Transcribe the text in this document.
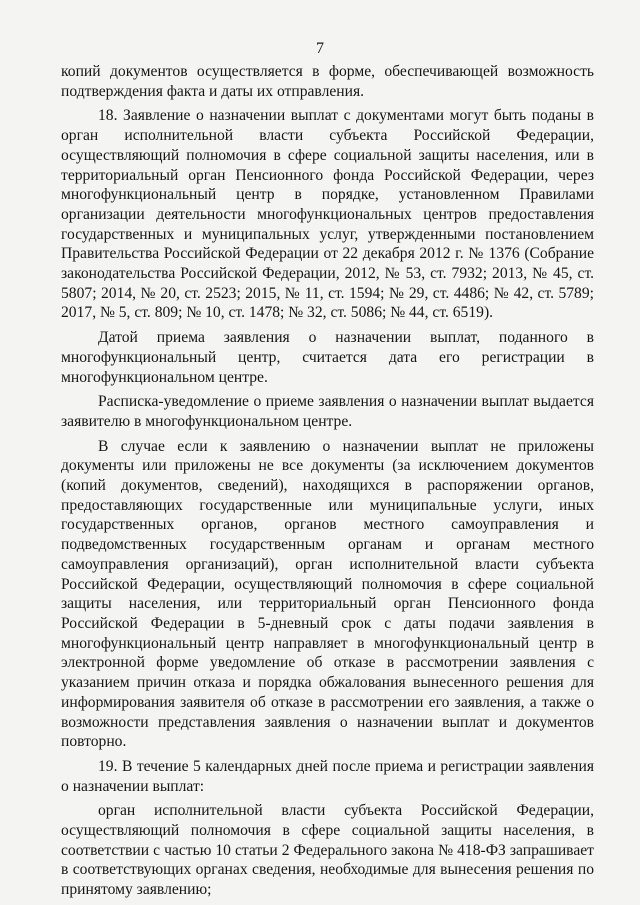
7

копий документов осуществляется в форме, обеспечивающей возможность подтверждения факта и даты их отправления.

18. Заявление о назначении выплат с документами могут быть поданы в орган исполнительной власти субъекта Российской Федерации, осуществляющий полномочия в сфере социальной защиты населения, или в территориальный орган Пенсионного фонда Российской Федерации, через многофункциональный центр в порядке, установленном Правилами организации деятельности многофункциональных центров предоставления государственных и муниципальных услуг, утвержденными постановлением Правительства Российской Федерации от 22 декабря 2012 г. № 1376 (Собрание законодательства Российской Федерации, 2012, № 53, ст. 7932; 2013, № 45, ст. 5807; 2014, № 20, ст. 2523; 2015, № 11, ст. 1594; № 29, ст. 4486; № 42, ст. 5789; 2017, № 5, ст. 809; № 10, ст. 1478; № 32, ст. 5086; № 44, ст. 6519).

Датой приема заявления о назначении выплат, поданного в многофункциональный центр, считается дата его регистрации в многофункциональном центре.

Расписка-уведомление о приеме заявления о назначении выплат выдается заявителю в многофункциональном центре.

В случае если к заявлению о назначении выплат не приложены документы или приложены не все документы (за исключением документов (копий документов, сведений), находящихся в распоряжении органов, предоставляющих государственные или муниципальные услуги, иных государственных органов, органов местного самоуправления и подведомственных государственным органам и органам местного самоуправления организаций), орган исполнительной власти субъекта Российской Федерации, осуществляющий полномочия в сфере социальной защиты населения, или территориальный орган Пенсионного фонда Российской Федерации в 5-дневный срок с даты подачи заявления в многофункциональный центр направляет в многофункциональный центр в электронной форме уведомление об отказе в рассмотрении заявления с указанием причин отказа и порядка обжалования вынесенного решения для информирования заявителя об отказе в рассмотрении его заявления, а также о возможности представления заявления о назначении выплат и документов повторно.

19. В течение 5 календарных дней после приема и регистрации заявления о назначении выплат:

орган исполнительной власти субъекта Российской Федерации, осуществляющий полномочия в сфере социальной защиты населения, в соответствии с частью 10 статьи 2 Федерального закона № 418-ФЗ запрашивает в соответствующих органах сведения, необходимые для вынесения решения по принятому заявлению;
